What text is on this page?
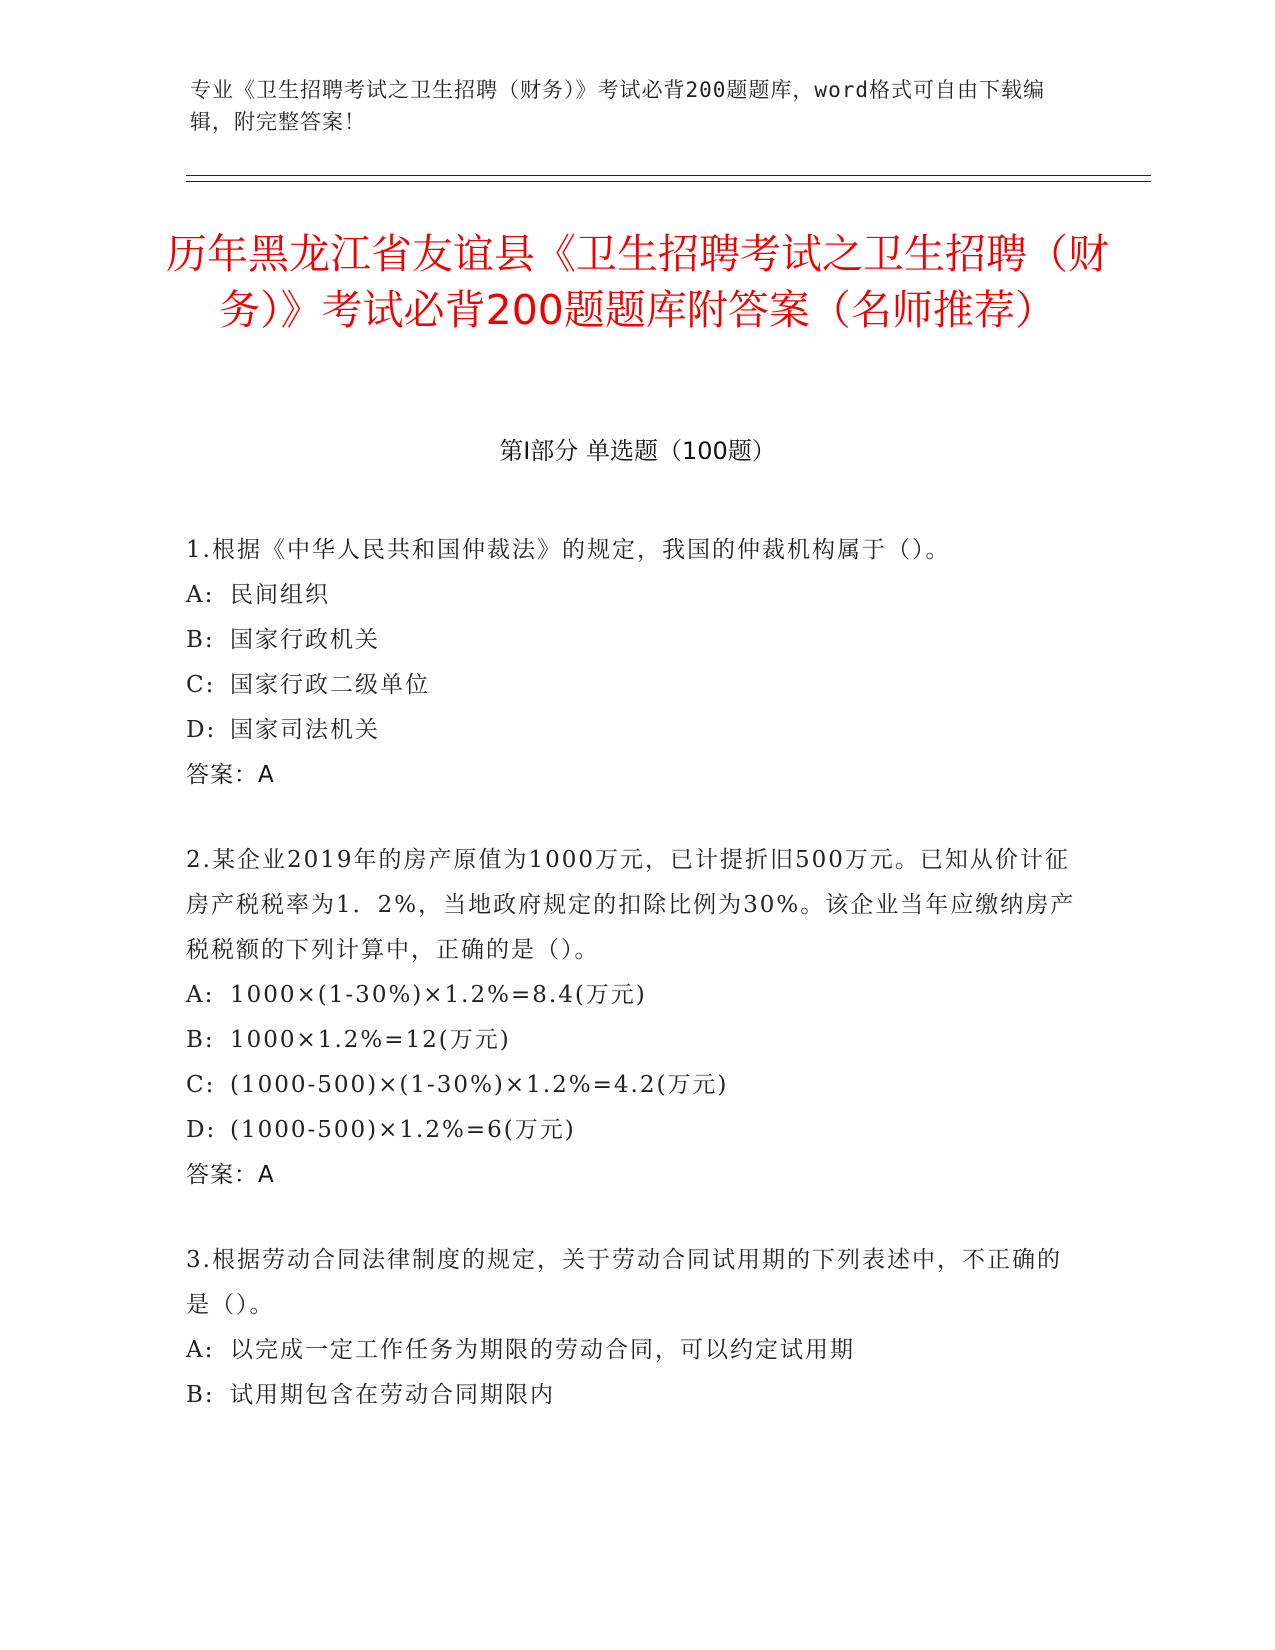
专业《卫生招聘考试之卫生招聘（财务）》考试必背200题题库，word格式可自由下载编辑，附完整答案！
历年黑龙江省友谊县《卫生招聘考试之卫生招聘（财务）》考试必背200题题库附答案（名师推荐）
第Ⅰ部分 单选题（100题）
1.根据《中华人民共和国仲裁法》的规定，我国的仲裁机构属于（）。
A: 民间组织
B: 国家行政机关
C: 国家行政二级单位
D: 国家司法机关
答案：A
2.某企业2019年的房产原值为1000万元，已计提折旧500万元。已知从价计征房产税税率为1．2%，当地政府规定的扣除比例为30%。该企业当年应缴纳房产税税额的下列计算中，正确的是（）。
A: 1000×(1-30%)×1.2%=8.4(万元)
B: 1000×1.2%=12(万元)
C: (1000-500)×(1-30%)×1.2%=4.2(万元)
D: (1000-500)×1.2%=6(万元)
答案：A
3.根据劳动合同法律制度的规定，关于劳动合同试用期的下列表述中，不正确的是（）。
A: 以完成一定工作任务为期限的劳动合同，可以约定试用期
B: 试用期包含在劳动合同期限内
